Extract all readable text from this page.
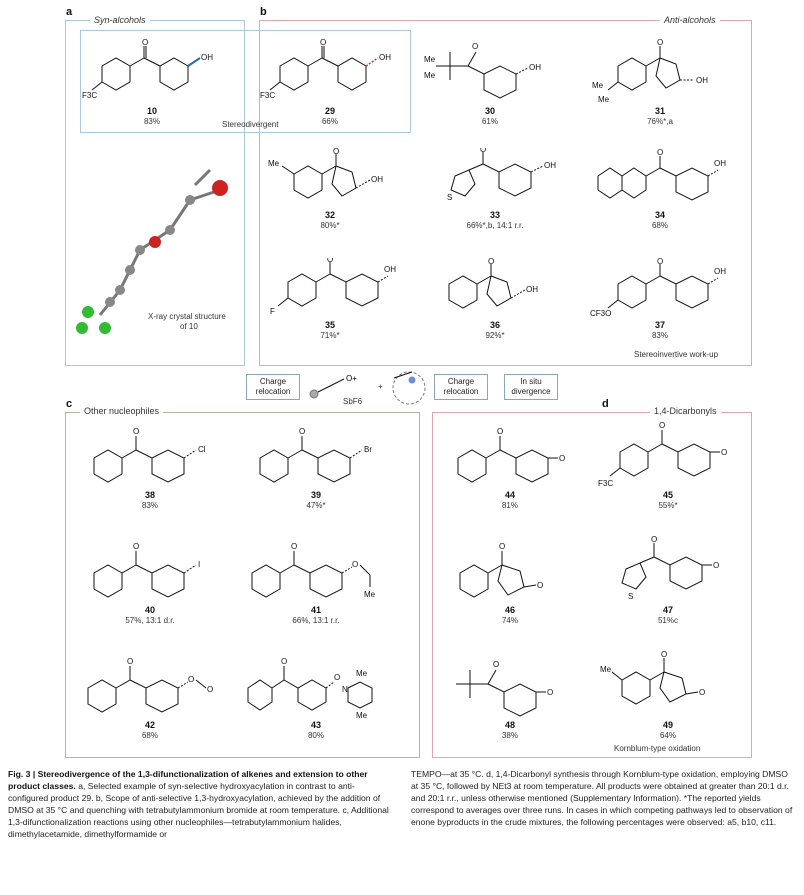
a	b
c	d
Syn-alcohols	Anti-alcohols
Other nucleophiles	1,4-Dicarbonyls
O
OH
F3C
10
83%
O
OH
F3C
29
66%
Stereodivergent
X-ray crystal structure
of 10
Me
Me
O
OH
30
61%
O
OH
Me
Me
31
76%*,a
Me
O
OH
32
80%*
S
O
OH
33
66%*,b, 14:1 r.r.
O
OH
34
68%
F
O
OH
35
71%*
O
OH
36
92%*
CF3O
O
OH
37
83%
Stereoinvertive work-up
Charge
relocation
O+
SbF6
+
Charge
relocation
In situ
divergence
O
Cl
38
83%
O
Br
39
47%*
O
I
40
57%, 13:1 d.r.
O
O
Me
41
66%, 13:1 r.r.
O
O
O
42
68%
O
O
N
Me
Me
43
80%
O
O
44
81%
F3C
O
O
45
55%*
O
O
46
74%
S
O
O
47
51%c
O
O
48
38%
Me
O
O
49
64%
Kornblum-type oxidation
Fig. 3 | Stereodivergence of the 1,3-difunctionalization of alkenes and extension to other product classes. a, Selected example of syn-selective hydroxyacylation in contrast to anti-configured product 29. b, Scope of anti-selective 1,3-hydroxyacylation, achieved by the addition of DMSO at 35 °C and quenching with tetrabutylammonium bromide at room temperature. c, Additional 1,3-difunctionalization reactions using other nucleophiles—tetrabutylammonium halides, dimethylacetamide, dimethylformamide or
TEMPO—at 35 °C. d, 1,4-Dicarbonyl synthesis through Kornblum-type oxidation, employing DMSO at 35 °C, followed by NEt3 at room temperature. All products were obtained at greater than 20:1 d.r. and 20:1 r.r., unless otherwise mentioned (Supplementary Information). *The reported yields correspond to averages over three runs. In cases in which competing pathways led to observation of enone byproducts in the crude mixtures, the following percentages were observed: a5, b10, c11.
